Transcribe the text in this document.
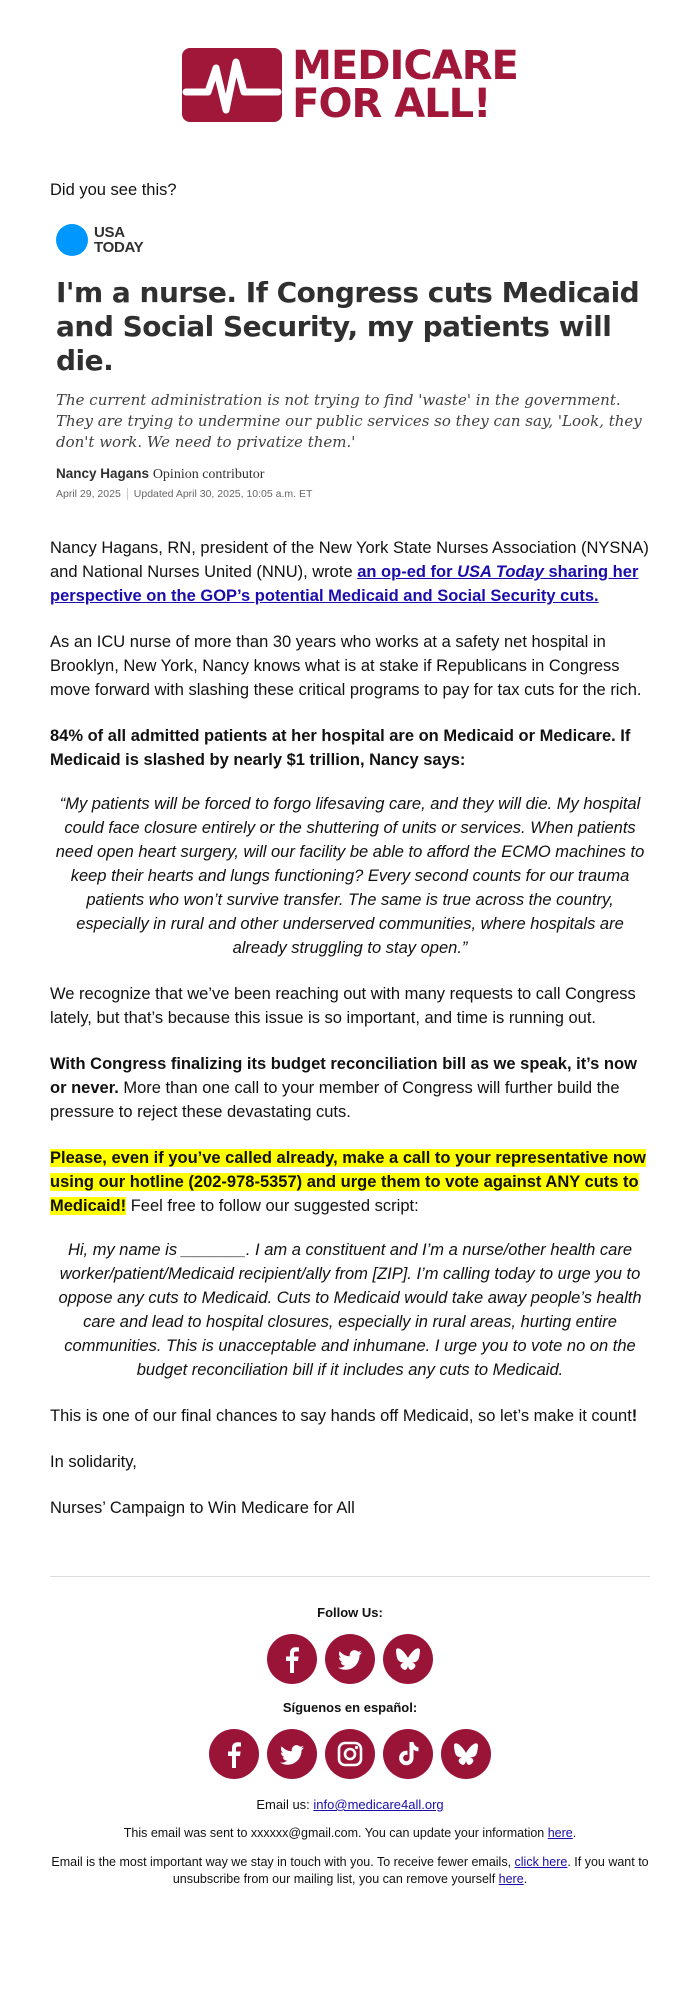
MEDICARE
FOR ALL!

Did you see this?

USA
TODAY
I'm a nurse. If Congress cuts Medicaid and Social Security, my patients will die.
The current administration is not trying to find 'waste' in the government. They are trying to undermine our public services so they can say, 'Look, they don't work. We need to privatize them.'
Nancy Hagans Opinion contributor
April 29, 2025 Updated April 30, 2025, 10:05 a.m. ET

Nancy Hagans, RN, president of the New York State Nurses Association (NYSNA) and National Nurses United (NNU), wrote an op-ed for USA Today sharing her perspective on the GOP’s potential Medicaid and Social Security cuts.

As an ICU nurse of more than 30 years who works at a safety net hospital in Brooklyn, New York, Nancy knows what is at stake if Republicans in Congress move forward with slashing these critical programs to pay for tax cuts for the rich.

84% of all admitted patients at her hospital are on Medicaid or Medicare. If Medicaid is slashed by nearly $1 trillion, Nancy says:

“My patients will be forced to forgo lifesaving care, and they will die. My hospital could face closure entirely or the shuttering of units or services. When patients need open heart surgery, will our facility be able to afford the ECMO machines to keep their hearts and lungs functioning? Every second counts for our trauma patients who won’t survive transfer. The same is true across the country, especially in rural and other underserved communities, where hospitals are already struggling to stay open.”

We recognize that we’ve been reaching out with many requests to call Congress lately, but that’s because this issue is so important, and time is running out.

With Congress finalizing its budget reconciliation bill as we speak, it’s now or never. More than one call to your member of Congress will further build the pressure to reject these devastating cuts.

Please, even if you’ve called already, make a call to your representative now using our hotline (202-978-5357) and urge them to vote against ANY cuts to Medicaid! Feel free to follow our suggested script:

Hi, my name is _______. I am a constituent and I’m a nurse/other health care worker/patient/Medicaid recipient/ally from [ZIP]. I’m calling today to urge you to oppose any cuts to Medicaid. Cuts to Medicaid would take away people’s health care and lead to hospital closures, especially in rural areas, hurting entire communities. This is unacceptable and inhumane. I urge you to vote no on the budget reconciliation bill if it includes any cuts to Medicaid.

This is one of our final chances to say hands off Medicaid, so let’s make it count!

In solidarity,

Nurses’ Campaign to Win Medicare for All

Follow Us:
Síguenos en español:
Email us: info@medicare4all.org
This email was sent to xxxxxx@gmail.com. You can update your information here.
Email is the most important way we stay in touch with you. To receive fewer emails, click here. If you want to unsubscribe from our mailing list, you can remove yourself here.
